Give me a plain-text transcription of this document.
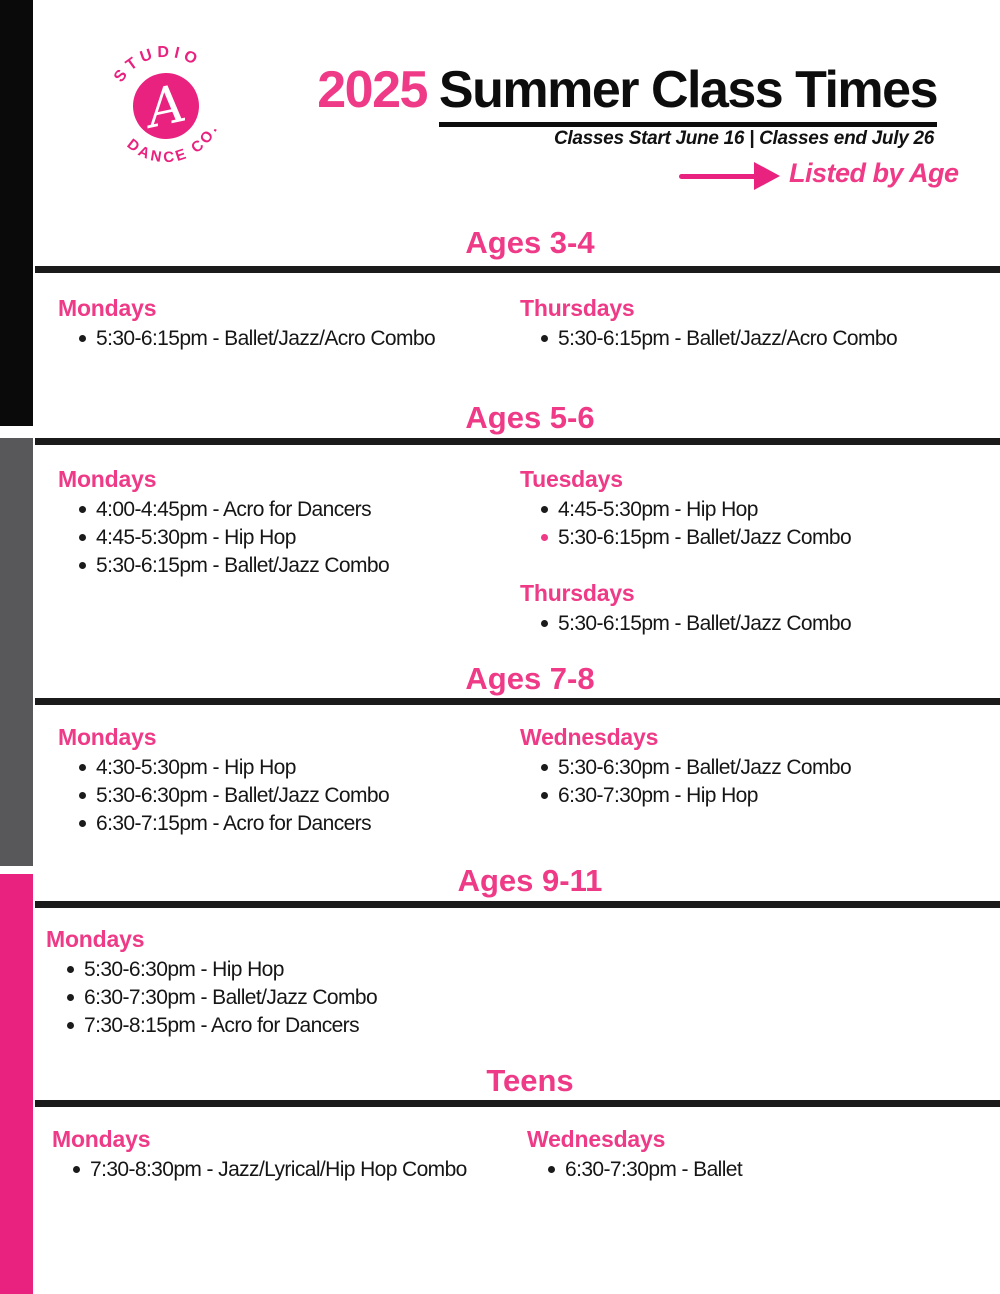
A
STUDIO
DANCE CO.
2025 Summer Class Times
Classes Start June 16 | Classes end July 26
Listed by Age
Ages 3-4
Mondays
5:30-6:15pm - Ballet/Jazz/Acro Combo
Thursdays
5:30-6:15pm - Ballet/Jazz/Acro Combo
Ages 5-6
Mondays
4:00-4:45pm - Acro for Dancers
4:45-5:30pm - Hip Hop
5:30-6:15pm - Ballet/Jazz Combo
Tuesdays
4:45-5:30pm - Hip Hop
5:30-6:15pm - Ballet/Jazz Combo
Thursdays
5:30-6:15pm - Ballet/Jazz Combo
Ages 7-8
Mondays
4:30-5:30pm - Hip Hop
5:30-6:30pm - Ballet/Jazz Combo
6:30-7:15pm - Acro for Dancers
Wednesdays
5:30-6:30pm - Ballet/Jazz Combo
6:30-7:30pm - Hip Hop
Ages 9-11
Mondays
5:30-6:30pm - Hip Hop
6:30-7:30pm - Ballet/Jazz Combo
7:30-8:15pm - Acro for Dancers
Teens
Mondays
7:30-8:30pm - Jazz/Lyrical/Hip Hop Combo
Wednesdays
6:30-7:30pm - Ballet
